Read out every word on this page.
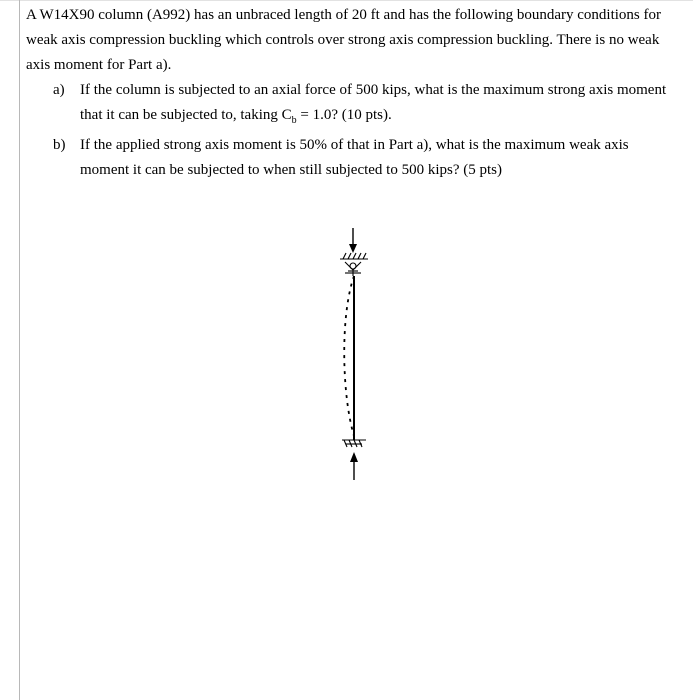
A W14X90 column (A992) has an unbraced length of 20 ft and has the following boundary conditions for
weak axis compression buckling which controls over strong axis compression buckling. There is no weak
axis moment for Part a).
a) If the column is subjected to an axial force of 500 kips, what is the maximum strong axis moment
that it can be subjected to, taking $C_b = 1.0$? (10 pts).
b) If the applied strong axis moment is 50% of that in Part a), what is the maximum weak axis
moment it can be subjected to when still subjected to 500 kips? (5 pts)
